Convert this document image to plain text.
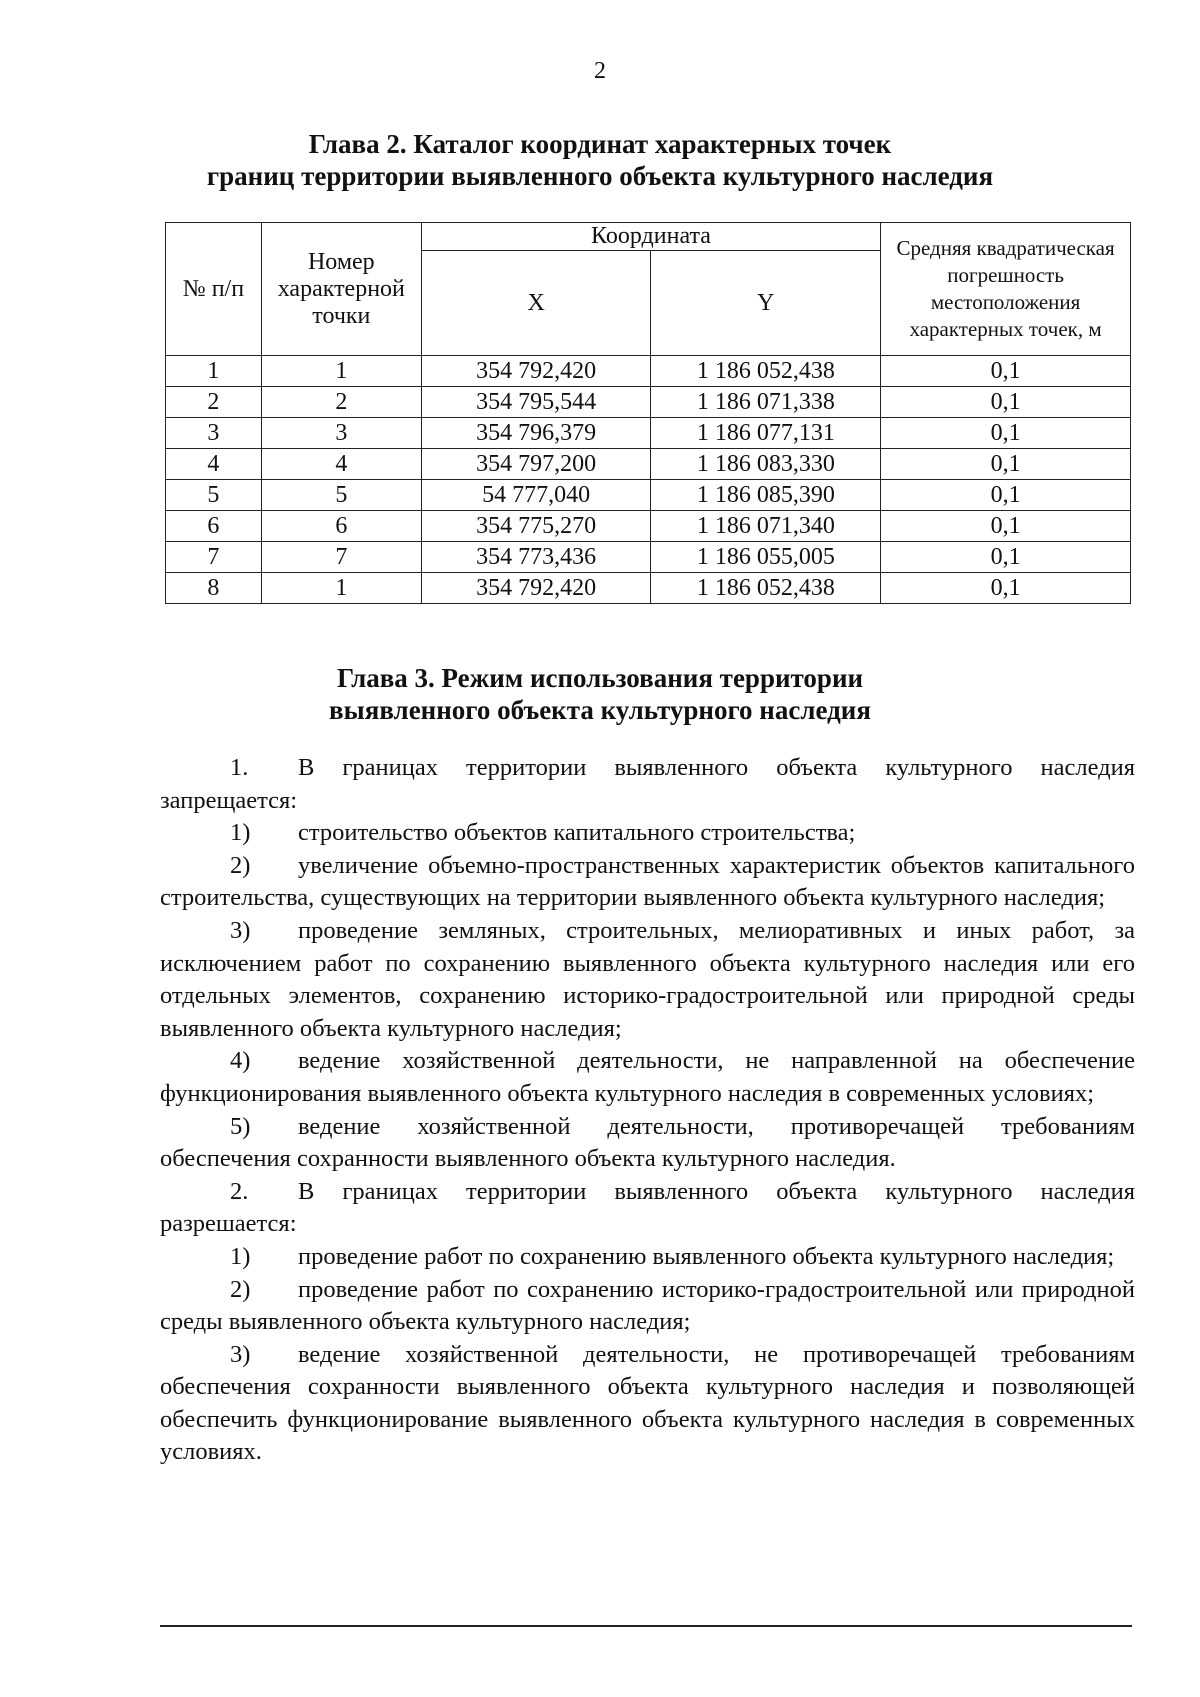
2
Глава 2. Каталог координат характерных точек
границ территории выявленного объекта культурного наследия
№ п/п	Номер характерной точки	Координата		Средняя квадратическая погрешность местоположения характерных точек, м
		X	Y	
1	1	354 792,420	1 186 052,438	0,1
2	2	354 795,544	1 186 071,338	0,1
3	3	354 796,379	1 186 077,131	0,1
4	4	354 797,200	1 186 083,330	0,1
5	5	54 777,040	1 186 085,390	0,1
6	6	354 775,270	1 186 071,340	0,1
7	7	354 773,436	1 186 055,005	0,1
8	1	354 792,420	1 186 052,438	0,1
Глава 3. Режим использования территории
выявленного объекта культурного наследия

1. В границах территории выявленного объекта культурного наследия запрещается:

1) строительство объектов капитального строительства;

2) увеличение объемно-пространственных характеристик объектов капитального строительства, существующих на территории выявленного объекта культурного наследия;

3) проведение земляных, строительных, мелиоративных и иных работ, за исключением работ по сохранению выявленного объекта культурного наследия или его отдельных элементов, сохранению историко-градостроительной или природной среды выявленного объекта культурного наследия;

4) ведение хозяйственной деятельности, не направленной на обеспечение функционирования выявленного объекта культурного наследия в современных условиях;

5) ведение хозяйственной деятельности, противоречащей требованиям обеспечения сохранности выявленного объекта культурного наследия.

2. В границах территории выявленного объекта культурного наследия разрешается:

1) проведение работ по сохранению выявленного объекта культурного наследия;

2) проведение работ по сохранению историко-градостроительной или природной среды выявленного объекта культурного наследия;

3) ведение хозяйственной деятельности, не противоречащей требованиям обеспечения сохранности выявленного объекта культурного наследия и позволяющей обеспечить функционирование выявленного объекта культурного наследия в современных условиях.
